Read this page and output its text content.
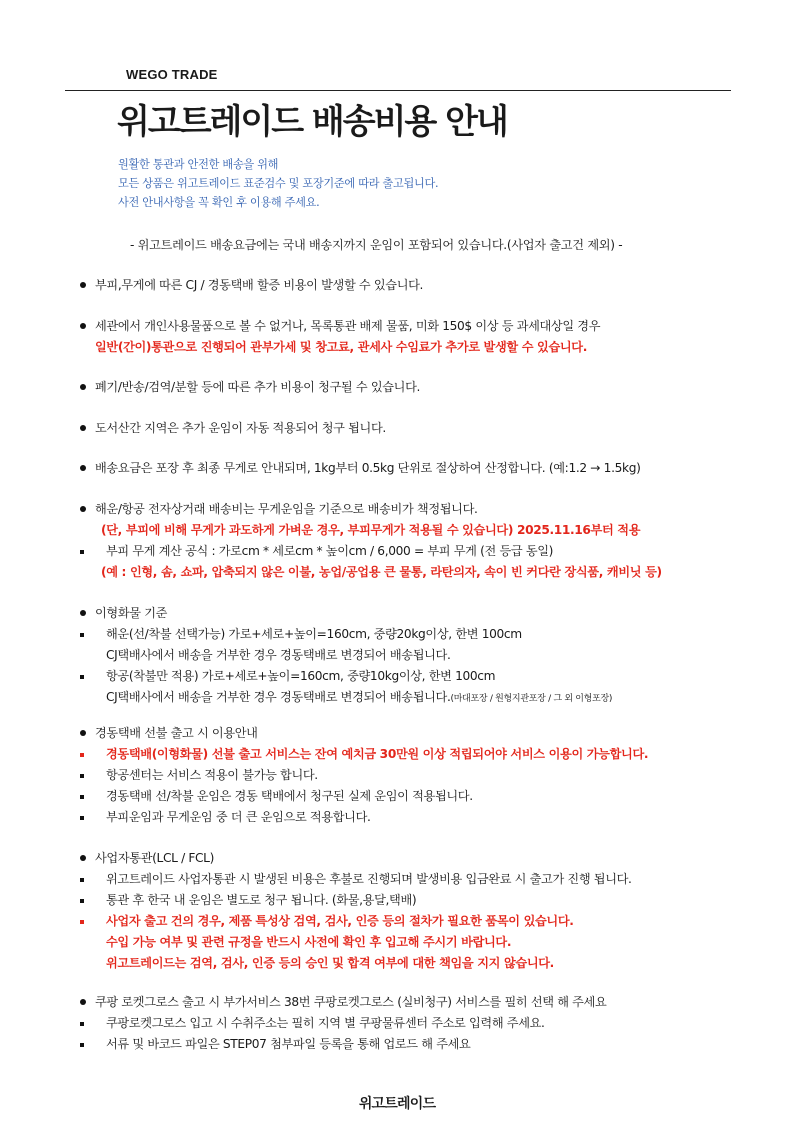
WEGO TRADE
위고트레이드 배송비용 안내
원활한 통관과 안전한 배송을 위해
모든 상품은 위고트레이드 표준검수 및 포장기준에 따라 출고됩니다.
사전 안내사항을 꼭 확인 후 이용해 주세요.
- 위고트레이드 배송요금에는 국내 배송지까지 운임이 포함되어 있습니다.(사업자 출고건 제외) -
부피,무게에 따른 CJ / 경동택배 할증 비용이 발생할 수 있습니다.
세관에서 개인사용물품으로 볼 수 없거나, 목록통관 배제 물품, 미화 150$ 이상 등 과세대상일 경우
일반(간이)통관으로 진행되어 관부가세 및 창고료, 관세사 수임료가 추가로 발생할 수 있습니다.
폐기/반송/검역/분할 등에 따른 추가 비용이 청구될 수 있습니다.
도서산간 지역은 추가 운임이 자동 적용되어 청구 됩니다.
배송요금은 포장 후 최종 무게로 안내되며, 1kg부터 0.5kg 단위로 절상하여 산정합니다. (예:1.2 → 1.5kg)
해운/항공 전자상거래 배송비는 무게운임을 기준으로 배송비가 책정됩니다.
(단, 부피에 비해 무게가 과도하게 가벼운 경우, 부피무게가 적용될 수 있습니다) 2025.11.16부터 적용
부피 무게 계산 공식 : 가로cm * 세로cm * 높이cm / 6,000 = 부피 무게 (전 등급 동일)
(예 : 인형, 솜, 쇼파, 압축되지 않은 이불, 농업/공업용 큰 물통, 라탄의자, 속이 빈 커다란 장식품, 캐비닛 등)
이형화물 기준
해운(선/착불 선택가능) 가로+세로+높이=160cm, 중량20kg이상, 한변 100cm
CJ택배사에서 배송을 거부한 경우 경동택배로 변경되어 배송됩니다.
항공(착불만 적용) 가로+세로+높이=160cm, 중량10kg이상, 한변 100cm
CJ택배사에서 배송을 거부한 경우 경동택배로 변경되어 배송됩니다.(마대포장 / 원형지관포장 / 그 외 이형포장)
경동택배 선불 출고 시 이용안내
경동택배(이형화물) 선불 출고 서비스는 잔여 예치금 30만원 이상 적립되어야 서비스 이용이 가능합니다.
항공센터는 서비스 적용이 불가능 합니다.
경동택배 선/착불 운임은 경동 택배에서 청구된 실제 운임이 적용됩니다.
부피운임과 무게운임 중 더 큰 운임으로 적용합니다.
사업자통관(LCL / FCL)
위고트레이드 사업자통관 시 발생된 비용은 후불로 진행되며 발생비용 입금완료 시 출고가 진행 됩니다.
통관 후 한국 내 운임은 별도로 청구 됩니다. (화물,용달,택배)
사업자 출고 건의 경우, 제품 특성상 검역, 검사, 인증 등의 절차가 필요한 품목이 있습니다.
수입 가능 여부 및 관련 규정을 반드시 사전에 확인 후 입고해 주시기 바랍니다.
위고트레이드는 검역, 검사, 인증 등의 승인 및 합격 여부에 대한 책임을 지지 않습니다.
쿠팡 로켓그로스 출고 시 부가서비스 38번 쿠팡로켓그로스 (실비청구) 서비스를 필히 선택 해 주세요
쿠팡로켓그로스 입고 시 수취주소는 필히 지역 별 쿠팡물류센터 주소로 입력해 주세요.
서류 및 바코드 파일은 STEP07 첨부파일 등록을 통해 업로드 해 주세요
위고트레이드
